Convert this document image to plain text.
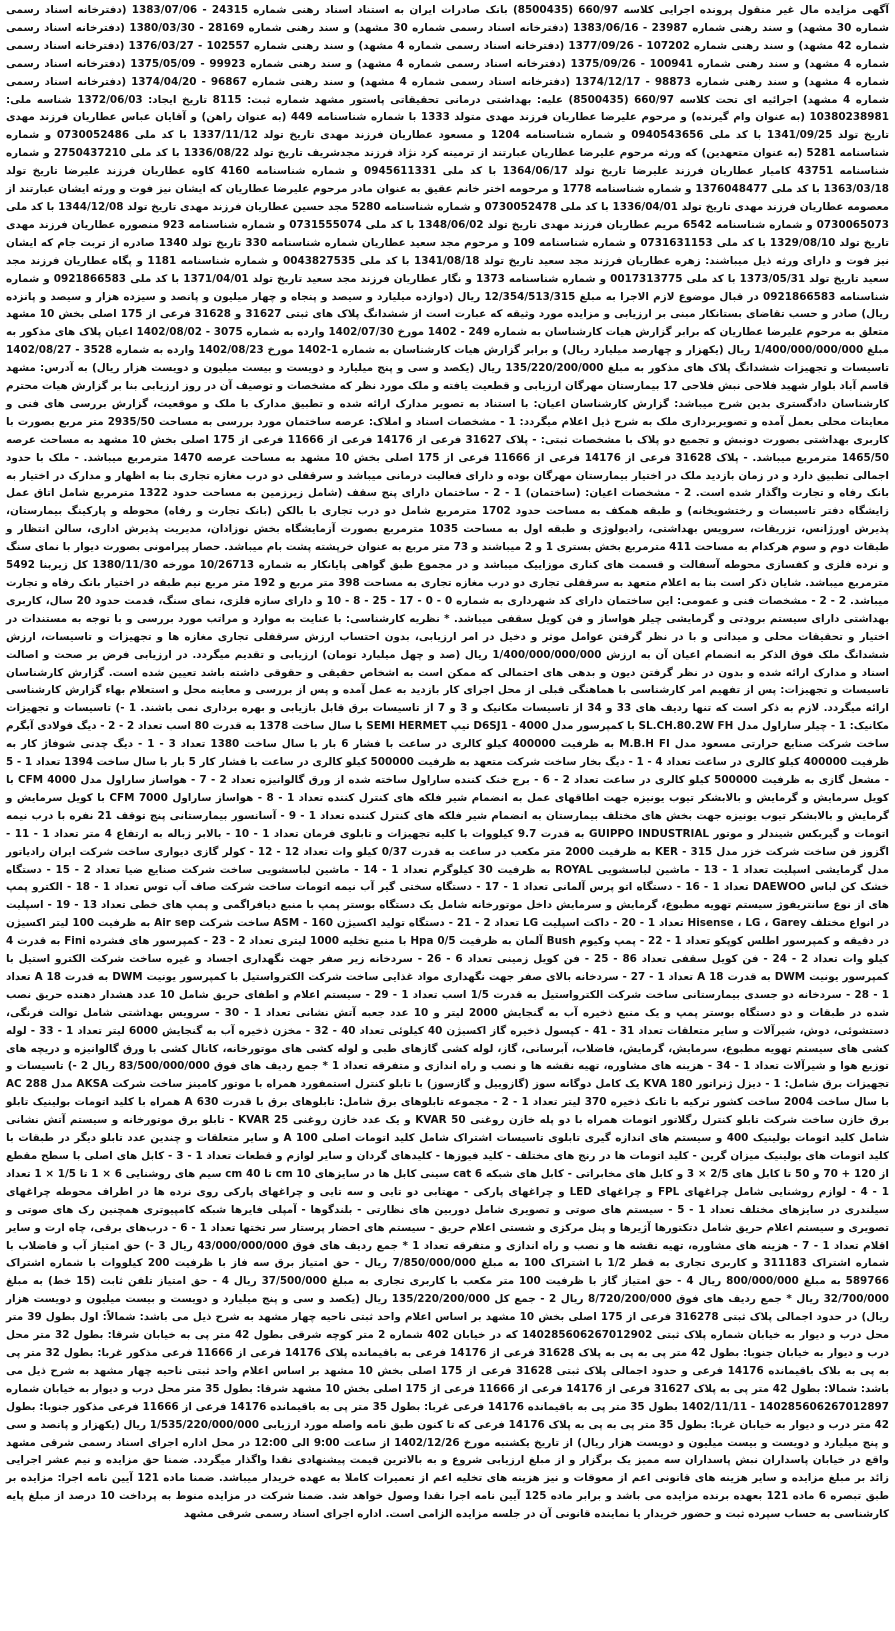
آگهی مزایده مال غیر منقول پرونده اجرایی کلاسه 660/97 (8500435) بانک صادرات ایران به استناد اسناد رهنی شماره 24315 - 1383/07/06 (دفترخانه اسناد رسمی شماره 30 مشهد) و سند رهنی شماره 23987 - 1383/06/16 (دفترخانه اسناد رسمی شماره 30 مشهد) و سند رهنی شماره 28169 - 1380/03/30 (دفترخانه اسناد رسمی شماره 42 مشهد) و سند رهنی شماره 107202 - 1377/09/26 (دفترخانه اسناد رسمی شماره 4 مشهد) و سند رهنی شماره 102557 - 1376/03/27 (دفترخانه اسناد رسمی شماره 4 مشهد) و سند رهنی شماره 100941 - 1375/09/26 (دفترخانه اسناد رسمی شماره 4 مشهد) و سند رهنی شماره 99923 - 1375/05/09 (دفترخانه اسناد رسمی شماره 4 مشهد) و سند رهنی شماره 98873 - 1374/12/17 (دفترخانه اسناد رسمی شماره 4 مشهد) و سند رهنی شماره 96867 - 1374/04/20 (دفترخانه اسناد رسمی شماره 4 مشهد) اجرائیه ای تحت کلاسه 660/97 (8500435) علیه: بهداشتی درمانی تحقیقاتی پاستور مشهد شماره ثبت: 8115 تاریخ ایجاد: 1372/06/03 شناسه ملی: 10380238981 (به عنوان وام گیرنده) و مرحوم علیرضا عطاریان فرزند مهدی متولد 1333 با شماره شناسنامه 449 (به عنوان راهن) و آقایان عباس عطاریان فرزند مهدی تاریخ تولد 1341/09/25 با کد ملی 0940543656 و شماره شناسنامه 1204 و مسعود عطاریان فرزند مهدی تاریخ تولد 1337/11/12 با کد ملی 0730052486 و شماره شناسنامه 5281 (به عنوان متعهدین) که ورثه مرحوم علیرضا عطاریان عبارتند از ترمینه کرد نژاد فرزند مجدشریف تاریخ تولد 1336/08/22 با کد ملی 2750437210 و شماره شناسنامه 43751 کامیار عطاریان فرزند علیرضا تاریخ تولد 1364/06/17 با کد ملی 0945611331 و شماره شناسنامه 4160 کاوه عطاریان فرزند علیرضا تاریخ تولد 1363/03/18 با کد ملی 1376048477 و شماره شناسنامه 1778 و مرحومه اختر خانم عقیق به عنوان مادر مرحوم علیرضا عطاریان که ایشان نیز فوت و ورثه ایشان عبارتند از معصومه عطاریان فرزند مهدی تاریخ تولد 1336/04/01 با کد ملی 0730052478 و شماره شناسنامه 5280 مجد حسین عطاریان فرزند مهدی تاریخ تولد 1344/12/08 با کد ملی 0730065073 و شماره شناسنامه 6542 مریم عطاریان فرزند مهدی تاریخ تولد 1348/06/02 با کد ملی 0731555074 و شماره شناسنامه 923 منصوره عطاریان فرزند مهدی تاریخ تولد 1329/08/10 با کد ملی 0731631153 و شماره شناسنامه 109 و مرحوم مجد سعید عطاریان شماره شناسنامه 330 تاریخ تولد 1340 صادره از تربت جام که ایشان نیز فوت و دارای ورثه ذیل میباشند: زهره عطاریان فرزند مجد سعید تاریخ تولد 1341/08/18 با کد ملی 0043827535 و شماره شناسنامه 1181 و پگاه عطاریان فرزند مجد سعید تاریخ تولد 1373/05/31 با کد ملی 0017313775 و شماره شناسنامه 1373 و نگار عطاریان فرزند مجد سعید تاریخ تولد 1371/04/01 با کد ملی 0921866583 و شماره شناسنامه 0921866583 در قبال موضوع لازم الاجرا به مبلغ 12/354/513/315 ریال (دوازده میلیارد و سیصد و پنجاه و چهار میلیون و پانصد و سیزده هزار و سیصد و پانزده ریال) صادر و حسب تقاضای بستانکار مبنی بر ارزیابی و مزایده مورد وثیقه که عبارت است از ششدانگ پلاک های ثبتی 31627 و 31628 فرعی از 175 اصلی بخش 10 مشهد متعلق به مرحوم علیرضا عطاریان که برابر گزارش هیات کارشناسان به شماره 249 - 1402 مورخ 1402/07/30 وارده به شماره 3075 - 1402/08/02 اعیان پلاک های مذکور به مبلغ 1/400/000/000/000 ریال (یکهزار و چهارصد میلیارد ریال) و برابر گزارش هیات کارشناسان به شماره 1-1402 مورخ 1402/08/23 وارده به شماره 3528 - 1402/08/27 تاسیسات و تجهیزات ششدانگ پلاک های مذکور به مبلغ 135/220/200/000 ریال (یکصد و سی و پنج میلیارد و دویست و بیست میلیون و دویست هزار ریال) به آدرس: مشهد قاسم آباد بلوار شهید فلاحی نبش فلاحی 17 بیمارستان مهرگان ارزیابی و قطعیت یافته و ملک مورد نظر که مشخصات و توصیف آن در روز ارزیابی بنا بر گزارش هیات محترم کارشناسان دادگستری بدین شرح میباشد: گزارش کارشناسان اعیان: با استناد به تصویر مدارک ارائه شده و تطبیق مدارک با ملک و موقعیت، گزارش بررسی های فنی و معاینات محلی بعمل آمده و تصویربرداری ملک به شرح ذیل اعلام میگردد: 1 - مشخصات اسناد و املاک: عرصه ساختمان مورد بررسی به مساحت 2935/50 متر مربع بصورت با کاربری بهداشتی بصورت دونبش و تجمیع دو پلاک با مشخصات ثبتی: - پلاک 31627 فرعی از 14176 فرعی از 11666 فرعی از 175 اصلی بخش 10 مشهد به مساحت عرصه 1465/50 مترمربع میباشد. - پلاک 31628 فرعی از 14176 فرعی از 11666 فرعی از 175 اصلی بخش 10 مشهد به مساحت عرصه 1470 مترمربع میباشد. - ملک با حدود اجمالی تطبیق دارد و در زمان بازدید ملک در اختیار بیمارستان مهرگان بوده و دارای فعالیت درمانی میباشد و سرقفلی دو درب مغازه تجاری بنا به اظهار و مدارک در اختیار به بانک رفاه و تجارت واگذار شده است. 2 - مشخصات اعیان: (ساختمان) 1 - 2 - ساختمان دارای پنج سقف (شامل زیرزمین به مساحت حدود 1322 مترمربع شامل اتاق عمل زایشگاه دفتر تاسیسات و رختشویخانه) و طبقه همکف به مساحت حدود 1702 مترمربع شامل دو درب تجاری با بالکن (بانک تجارت و رفاه) محوطه و پارکینگ بیمارستان، پذیرش اورژانس، تزریقات، سرویس بهداشتی، رادیولوژی و طبقه اول به مساحت 1035 مترمربع بصورت آزمایشگاه بخش نوزادان، مدیریت پذیرش اداری، سالن انتظار و طبقات دوم و سوم هرکدام به مساحت 411 مترمربع بخش بستری 1 و 2 میباشند و 73 متر مربع به عنوان خرپشته پشت بام میباشد. حصار پیرامونی بصورت دیوار با نمای سنگ و نرده فلزی و کفسازی محوطه آسفالت و قسمت های کناری موزاییک میباشد و در مجموع طبق گواهی پایانکار به شماره 10/26713 مورخه 1380/11/30 کل زیربنا 5492 مترمربع میباشد. شایان ذکر است بنا به اعلام متعهد به سرقفلی تجاری دو درب مغازه تجاری به مساحت 398 متر مربع و 192 متر مربع نیم طبقه در اختیار بانک رفاه و تجارت میباشد. 2 - 2 - مشخصات فنی و عمومی: این ساختمان دارای کد شهرداری به شماره 0 - 0 - 17 - 25 - 8 - 10 و دارای سازه فلزی، نمای سنگ، قدمت حدود 20 سال، کاربری بهداشتی دارای سیستم برودتی و گرمایشی چیلر هواساز و فن کویل سقفی میباشد. * نظریه کارشناسی: با عنایت به موارد و مراتب مورد بررسی و با توجه به مستندات در اختیار و تحقیقات محلی و میدانی و با در نظر گرفتن عوامل موثر و دخیل در امر ارزیابی، بدون احتساب ارزش سرقفلی تجاری مغازه ها و تجهیزات و تاسیسات، ارزش ششدانگ ملک فوق الذکر به انضمام اعیان آن به ارزش 1/400/000/000/000 ریال (صد و چهل میلیارد تومان) ارزیابی و تقدیم میگردد. در ارزیابی فرض بر صحت و اصالت اسناد و مدارک ارائه شده و بدون در نظر گرفتن دیون و بدهی های احتمالی که ممکن است به اشخاص حقیقی و حقوقی داشته باشد تعیین شده است. گزارش کارشناسان تاسیسات و تجهیزات: پس از تفهیم امر کارشناسی با هماهنگی قبلی از محل اجرای کار بازدید به عمل آمده و پس از بررسی و معاینه محل و استعلام بهاء گزارش کارشناسی ارائه میگردد. لازم به ذکر است که تنها ردیف های 33 و 34 از تاسیسات مکانیک و 3 و 7 از تاسیسات برق قابل بازیابی و بهره برداری نمی باشند. 1 -) تاسیسات و تجهیزات مکانیک: 1 - چیلر ساراول مدل SL.CH.80.2W FH با کمپرسور مدل D6SJ1 - 4000 تیپ SEMI HERMET با سال ساخت 1378 به قدرت 80 اسب تعداد 2 - 2 - دیگ فولادی آبگرم ساخت شرکت صنایع حرارتی مسعود مدل M.B.H FI به ظرفیت 400000 کیلو کالری در ساعت با فشار 6 بار با سال ساخت 1380 تعداد 3 - 1 - دیگ چدنی شوفاژ کار به ظرفیت 400000 کیلو کالری در ساعت تعداد 4 - 1 - دیگ بخار ساخت شرکت متعهد به ظرفیت 500000 کیلو کالری در ساعت با فشار کار 5 بار با سال ساخت 1394 تعداد 1 - 5 - مشعل گازی به ظرفیت 500000 کیلو کالری در ساعت تعداد 2 - 6 - برج خنک کننده ساراول ساخته شده از ورق گالوانیزه تعداد 2 - 7 - هواساز ساراول مدل CFM 4000 با کویل سرمایش و گرمایش و بالابشکر تیوب یونیزه جهت اطاقهای عمل به انضمام شیر فلکه های کنترل کننده تعداد 1 - 8 - هواساز ساراول CFM 7000 با کویل سرمایش و گرمایش و بالابشکر تیوب یونیزه جهت بخش های مختلف بیمارستان به انضمام شیر فلکه های کنترل کننده تعداد 1 - 9 - آسانسور بیمارستانی پنج توقف 21 نفره با درب نیمه اتومات و گیربکس شیندلر و موتور GUIPPO INDUSTRIAL به قدرت 9.7 کیلووات با کلیه تجهیزات و تابلوی فرمان تعداد 1 - 10 - بالابر زباله به ارتفاع 4 متر تعداد 1 - 11 - اگزوز فن ساخت شرکت خزر مدل KER - 315 به ظرفیت 2000 متر مکعب در ساعت به قدرت 0/37 کیلو وات تعداد 12 - 12 - کولر گازی دیواری ساخت شرکت ایران رادیاتور مدل گرمایشی اسپلیت تعداد 1 - 13 - ماشین لباسشویی ROYAL به ظرفیت 30 کیلوگرم تعداد 1 - 14 - ماشین لباسشویی ساخت شرکت صنایع ضیا تعداد 2 - 15 - دستگاه خشک کن لباس DAEWOO تعداد 1 - 16 - دستگاه اتو پرس آلمانی تعداد 1 - 17 - دستگاه سختی گیر آب نیمه اتومات ساخت شرکت صاف آب توس تعداد 1 - 18 - الکترو پمپ های از نوع سانتریفوژ سیستم تهویه مطبوع، گرمایش و سرمایش داخل موتورخانه شامل یک دستگاه بوستر پمپ با منبع دیافراگمی و پمپ های خطی تعداد 13 - 19 - اسپلیت در انواع مختلف Hisense ، LG ، Garey تعداد 1 - 20 - داکت اسپلیت LG تعداد 2 - 21 - دستگاه تولید اکسیژن ASM - 160 ساخت شرکت Air sep به ظرفیت 100 لیتر اکسیژن در دقیقه و کمپرسور اطلس کوپکو تعداد 1 - 22 - پمپ وکیوم Bush آلمان به ظرفیت Hpa 0/5 با منبع تخلیه 1000 لیتری تعداد 2 - 23 - کمپرسور های فشرده Fini به قدرت 4 کیلو وات تعداد 2 - 24 - فن کویل سقفی تعداد 86 - 25 - فن کویل زمینی تعداد 6 - 26 - سردخانه زیر صفر جهت نگهداری اجساد و غیره ساخت شرکت الکترو استیل با کمپرسور یونیت DWM به قدرت A 18 تعداد 1 - 27 - سردخانه بالای صفر جهت نگهداری مواد غذایی ساخت شرکت الکترواستیل با کمپرسور یونیت DWM به قدرت A 18 تعداد 1 - 28 - سردخانه دو جسدی بیمارستانی ساخت شرکت الکترواستیل به قدرت 1/5 اسب تعداد 1 - 29 - سیستم اعلام و اطفای حریق شامل 10 عدد هشدار دهنده حریق نصب شده در طبقات و دو دستگاه بوستر پمپ و یک منبع ذخیره آب به گنجایش 2000 لیتر و 10 عدد جعبه آتش نشانی تعداد 1 - 30 - سرویس بهداشتی شامل توالت فرنگی، دستشوئی، دوش، شیرآلات و سایر متعلقات تعداد 31 - 41 - کپسول ذخیره گاز اکسیژن 40 کیلوئی تعداد 40 - 32 - مخزن ذخیره آب به گنجایش 6000 لیتر تعداد 1 - 33 - لوله کشی های سیستم تهویه مطبوع، سرمایش، گرمایش، فاضلاب، آبرسانی، گاز، لوله کشی گازهای طبی و لوله کشی های موتورخانه، کانال کشی با ورق گالوانیزه و دریچه های توزیع هوا و شیرآلات تعداد 1 - 34 - هزینه های مشاوره، تهیه نقشه ها و نصب و راه اندازی و متفرقه تعداد 1 * جمع ردیف های فوق 83/500/000/000 ریال 2 -) تاسیسات و تجهیزات برق شامل: 1 - دیزل ژنراتور KVA 180 یک کامل دوگانه سوز (گازوییل و گازسوز) با تابلو کنترل استمفورد همراه با موتور کامینز ساخت شرکت AKSA مدل AC 288 با سال ساخت 2004 ساخت کشور ترکیه با تانک ذخیره 370 لیتر تعداد 1 - 2 - مجموعه تابلوهای برق شامل: تابلوهای برق با قدرت A 630 همراه با کلید اتومات بولینیک تابلو برق خازن ساخت شرکت تابلو کنترل رگلاتور اتومات همراه با دو پله خازن روغنی 50 KVAR و یک عدد خازن روغنی KVAR 25 - تابلو برق موتورخانه و سیستم آتش نشانی شامل کلید اتومات بولینیک 400 و سیستم های اندازه گیری تابلوی تاسیسات اشتراک شامل کلید اتومات اصلی A 100 و سایر متعلقات و چندین عدد تابلو دیگر در طبقات با کلید اتومات های بولینیک میزان گرین - کلید اتومات ها در رنج های مختلف - کلید فیوزها - کلیدهای گردان و سایر لوازم و قطعات تعداد 1 - 3 - کابل های اصلی با سطح مقطع از 120 + 70 و 50 تا کابل های 2/5 × 3 و کابل های مخابراتی - کابل های شبکه cat 6 سینی کابل ها در سایزهای cm 10 تا cm 40 سیم های روشنایی 6 × 1 تا 1/5 × 1 تعداد 1 - 4 - لوازم روشنایی شامل چراغهای FPL و چراغهای LED و چراغهای پارکی - مهتابی دو تایی و سه تایی و چراغهای پارکی روی نرده ها در اطراف محوطه چراغهای سیلندری در سایزهای مختلف تعداد 1 - 5 - سیستم های صوتی و تصویری شامل دوربین های نظارتی - بلندگوها - آمپلی فایرها شبکه کامپیوتری همچنین رک های صوتی و تصویری و سیستم اعلام حریق شامل دتکتورها آژیرها و پنل مرکزی و شستی اعلام حریق - سیستم های احضار پرستار سر تختها تعداد 1 - 6 - درب‌های برقی، چاه ارت و سایر اقلام تعداد 1 - 7 - هزینه های مشاوره، تهیه نقشه ها و نصب و راه اندازی و متفرقه تعداد 1 * جمع ردیف های فوق 43/000/000/000 ریال 3 -) حق امتیاز آب و فاضلاب با شماره اشتراک 311183 و کاربری تجاری به قطر 1/2 با اشتراک 100 به مبلغ 7/850/000/000 ریال - حق امتیاز برق سه فاز با ظرفیت 200 کیلووات با شماره اشتراک 589766 به مبلغ 800/000/000 ریال 4 - حق امتیاز گاز با ظرفیت 100 متر مکعب با کاربری تجاری به مبلغ 37/500/000 ریال 4 - حق امتیاز تلفن ثابت (15 خط) به مبلغ 32/700/000 ریال * جمع ردیف های فوق 8/720/200/000 ریال 2 - جمع کل 135/220/200/000 ریال (یکصد و سی و پنج میلیارد و دویست و بیست میلیون و دویست هزار ریال) در حدود اجمالی پلاک ثبتی 316278 فرعی از 175 اصلی بخش 10 مشهد بر اساس اعلام واحد ثبتی ناحیه چهار مشهد به شرح ذیل می باشد: شمالاً: اول بطول 39 متر محل درب و دیوار به خیابان شماره پلاک ثبتی 140285606267012902 که در خیابان 402 شماره 2 متر کوچه شرقی بطول 42 متر پی به خیابان شرقا: بطول 32 متر محل درب و دیوار به خیابان جنوبا: بطول 42 متر پی به پی به پلاک 31628 فرعی از 14176 فرعی به باقیمانده پلاک 14176 فرعی از 11666 فرعی مذکور غربا: بطول 32 متر پی به پی به بلاک باقیمانده 14176 فرعی و حدود اجمالی پلاک ثبتی 31628 فرعی از 175 اصلی بخش 10 مشهد بر اساس اعلام واحد ثبتی ناحیه چهار مشهد به شرح ذیل می باشد: شمالا: بطول 42 متر پی به پلاک 31627 فرعی از 14176 فرعی از 11666 فرعی از 175 اصلی بخش 10 مشهد شرقا: بطول 35 متر محل درب و دیوار به خیابان شماره 140285606267012897 - 1402/11/11 بطول 35 متر پی به باقیمانده 14176 فرعی غربا: بطول 35 متر پی به باقیمانده 14176 فرعی از 11666 فرعی مذکور جنوبا: بطول 42 متر درب و دیوار به خیابان غربا: بطول 35 متر پی به پی به پلاک 14176 فرعی که تا کنون طبق نامه واصله مورد ارزیابی 1/535/220/000/000 ریال (یکهزار و پانصد و سی و پنج میلیارد و دویست و بیست میلیون و دویست هزار ریال) از تاریخ یکشنبه مورخ 1402/12/26 از ساعت 9:00 الی 12:00 در محل اداره اجرای اسناد رسمی شرقی مشهد واقع در خیابان پاسداران نبش پاسداران سه ممیز یک برگزار و از مبلغ ارزیابی شروع و به بالاترین قیمت پیشنهادی نقدا واگذار میگردد. ضمنا حق مزایده و نیم عشر اجرایی زائد بر مبلغ مزایده و سایر هزینه های قانونی اعم از معوقات و نیز هزینه های تخلیه اعم از تعمیرات کاملا به عهده خریدار میباشد. ضمنا ماده 121 آیین نامه اجرا: مزایده بر طبق تبصره 6 ماده 121 بعهده برنده مزایده می باشد و برابر ماده 125 آیین نامه اجرا نقدا وصول خواهد شد. ضمنا شرکت در مزایده منوط به پرداخت 10 درصد از مبلغ پایه کارشناسی به حساب سپرده ثبت و حضور خریدار یا نماینده قانونی آن در جلسه مزایده الزامی است. اداره اجرای اسناد رسمی شرقی مشهد
